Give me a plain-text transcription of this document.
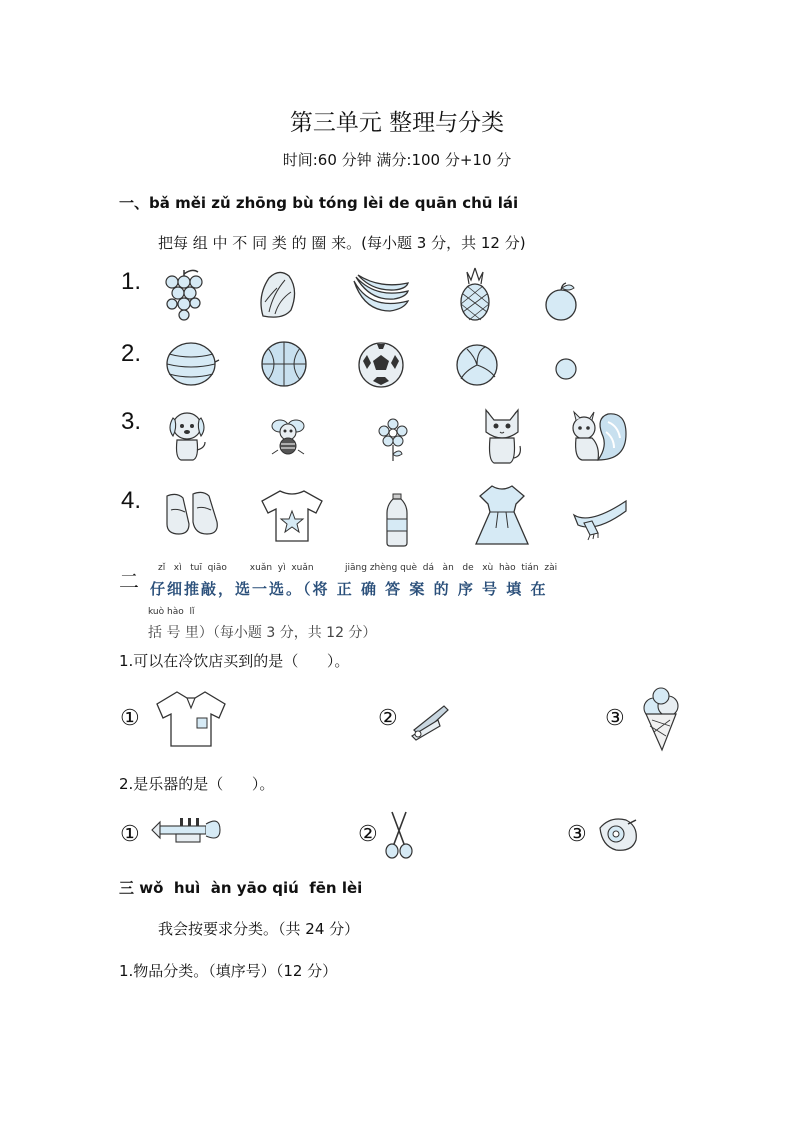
第三单元 整理与分类
时间:60 分钟 满分:100 分+10 分
一、bǎ měi zǔ zhōng bù tóng lèi de quān chū lái
把每 组 中 不 同 类 的 圈 来。(每小题 3 分，共 12 分)
1.
2.
3.
4.
二
zǐ   xì   tuī  qiāo        xuǎn  yì  xuǎn           jiāng zhèng què  dá   àn   de   xù  hào  tián  zài
仔细推敲，选一选。（将 正 确 答 案 的 序 号 填 在
kuò hào  lǐ
括 号 里）（每小题 3 分，共 12 分）
1.可以在冷饮店买到的是（      ）。
①	②	③
2.是乐器的是（      ）。
①	②	③
三 wǒ  huì  àn yāo qiú  fēn lèi
我会按要求分类。（共 24 分）
1.物品分类。（填序号）（12 分）
